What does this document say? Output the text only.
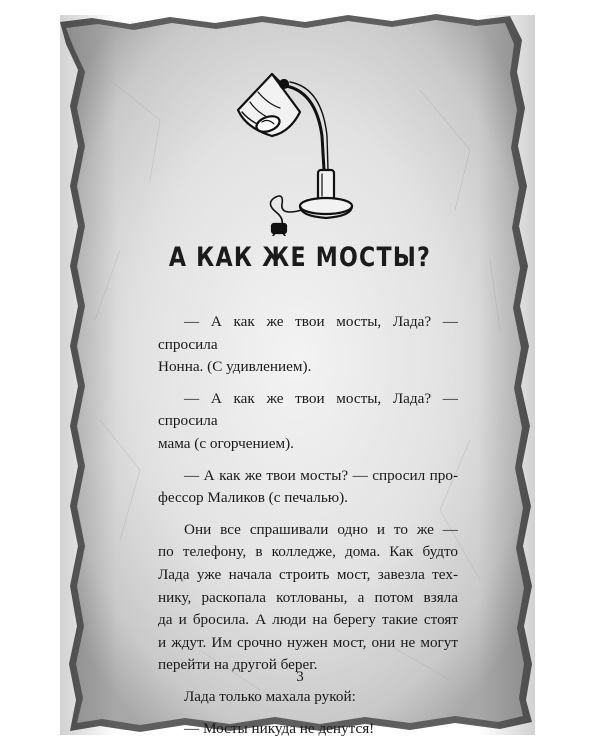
А КАК ЖЕ МОСТЫ?

— А как же твои мосты, Лада? — спросила
Нонна. (С удивлением).

— А как же твои мосты, Лада? — спросила
мама (с огорчением).

— А как же твои мосты? — спросил про-
фессор Маликов (с печалью).

Они все спрашивали одно и то же —
по телефону, в колледже, дома. Как будто
Лада уже начала строить мост, завезла тех-
нику, раскопала котлованы, а потом взяла
да и бросила. А люди на берегу такие стоят
и ждут. Им срочно нужен мост, они не могут
перейти на другой берег.

Лада только махала рукой:

— Мосты никуда не денутся!

3
